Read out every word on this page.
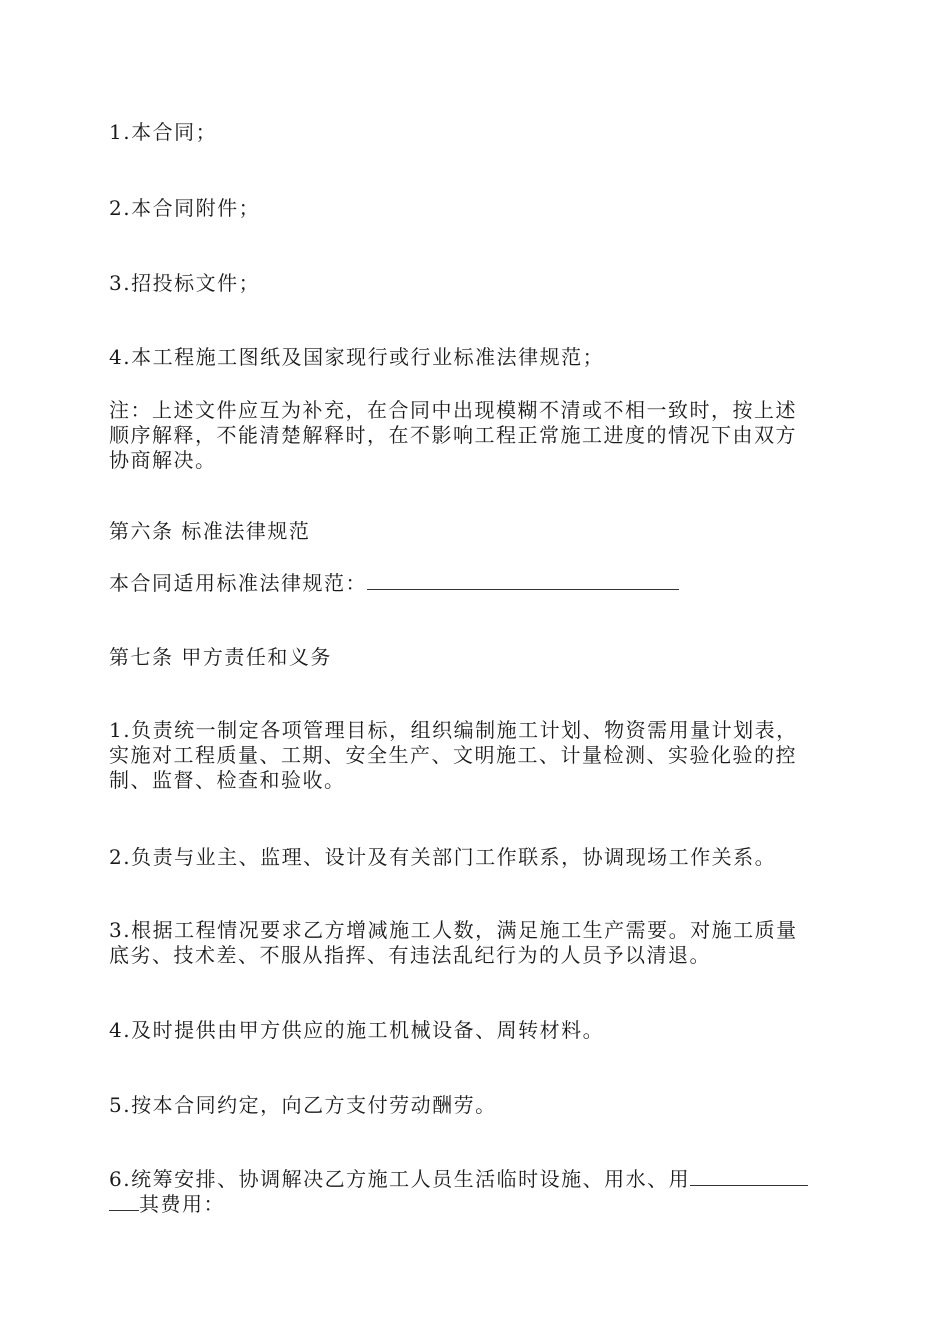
1.本合同；
2.本合同附件；
3.招投标文件；
4.本工程施工图纸及国家现行或行业标准法律规范；
注：上述文件应互为补充，在合同中出现模糊不清或不相一致时，按上述
顺序解释，不能清楚解释时，在不影响工程正常施工进度的情况下由双方
协商解决。
第六条 标准法律规范
本合同适用标准法律规范：
第七条 甲方责任和义务
1.负责统一制定各项管理目标，组织编制施工计划、物资需用量计划表，
实施对工程质量、工期、安全生产、文明施工、计量检测、实验化验的控
制、监督、检查和验收。
2.负责与业主、监理、设计及有关部门工作联系，协调现场工作关系。
3.根据工程情况要求乙方增减施工人数，满足施工生产需要。对施工质量
底劣、技术差、不服从指挥、有违法乱纪行为的人员予以清退。
4.及时提供由甲方供应的施工机械设备、周转材料。
5.按本合同约定，向乙方支付劳动酬劳。
6.统筹安排、协调解决乙方施工人员生活临时设施、用水、用
其费用：
